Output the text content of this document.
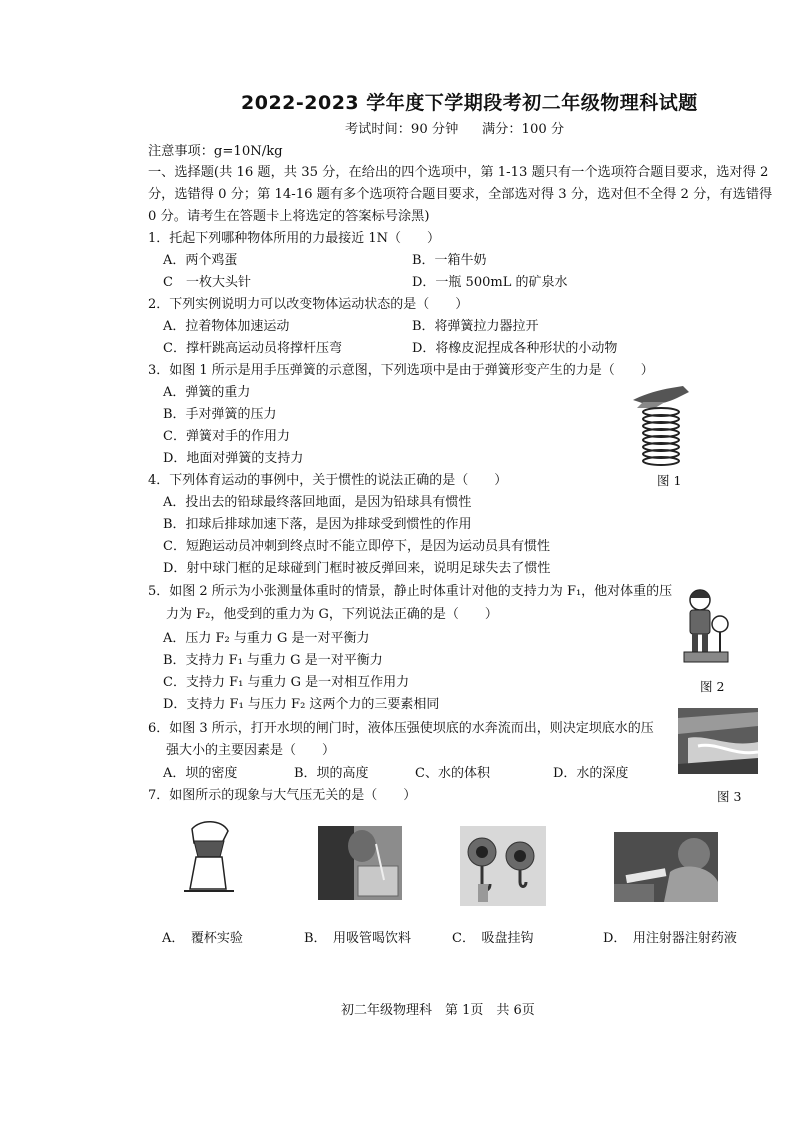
2022-2023 学年度下学期段考初二年级物理科试题
考试时间：90 分钟 满分：100 分
注意事项：g=10N/kg
一、选择题(共 16 题，共 35 分，在给出的四个选项中，第 1-13 题只有一个选项符合题目要求，选对得 2
分，选错得 0 分；第 14-16 题有多个选项符合题目要求，全部选对得 3 分，选对但不全得 2 分，有选错得
0 分。请考生在答题卡上将选定的答案标号涂黑)
1．托起下列哪种物体所用的力最接近 1N（　　）
A．两个鸡蛋	B．一箱牛奶
C　一枚大头针	D．一瓶 500mL 的矿泉水
2．下列实例说明力可以改变物体运动状态的是（　　）
A．拉着物体加速运动	B．将弹簧拉力器拉开
C．撑杆跳高运动员将撑杆压弯	D．将橡皮泥捏成各种形状的小动物
3．如图 1 所示是用手压弹簧的示意图，下列选项中是由于弹簧形变产生的力是（　　）
A．弹簧的重力
B．手对弹簧的压力
C．弹簧对手的作用力
D．地面对弹簧的支持力
图 1
4．下列体育运动的事例中，关于惯性的说法正确的是（　　）
A．投出去的铅球最终落回地面，是因为铅球具有惯性
B．扣球后排球加速下落，是因为排球受到惯性的作用
C．短跑运动员冲刺到终点时不能立即停下，是因为运动员具有惯性
D．射中球门框的足球碰到门框时被反弹回来，说明足球失去了惯性
5．如图 2 所示为小张测量体重时的情景，静止时体重计对他的支持力为 F₁，他对体重的压
力为 F₂，他受到的重力为 G，下列说法正确的是（　　）
A．压力 F₂ 与重力 G 是一对平衡力
B．支持力 F₁ 与重力 G 是一对平衡力
C．支持力 F₁ 与重力 G 是一对相互作用力
D．支持力 F₁ 与压力 F₂ 这两个力的三要素相同
图 2
6．如图 3 所示，打开水坝的闸门时，液体压强使坝底的水奔流而出，则决定坝底水的压
强大小的主要因素是（　　）
A．坝的密度	B．坝的高度	C、水的体积	D．水的深度
图 3
7．如图所示的现象与大气压无关的是（　　）
A．　覆杯实验	B．　用吸管喝饮料	C．　吸盘挂钩	D．　用注射器注射药液
初二年级物理科　第 1页　共 6页
